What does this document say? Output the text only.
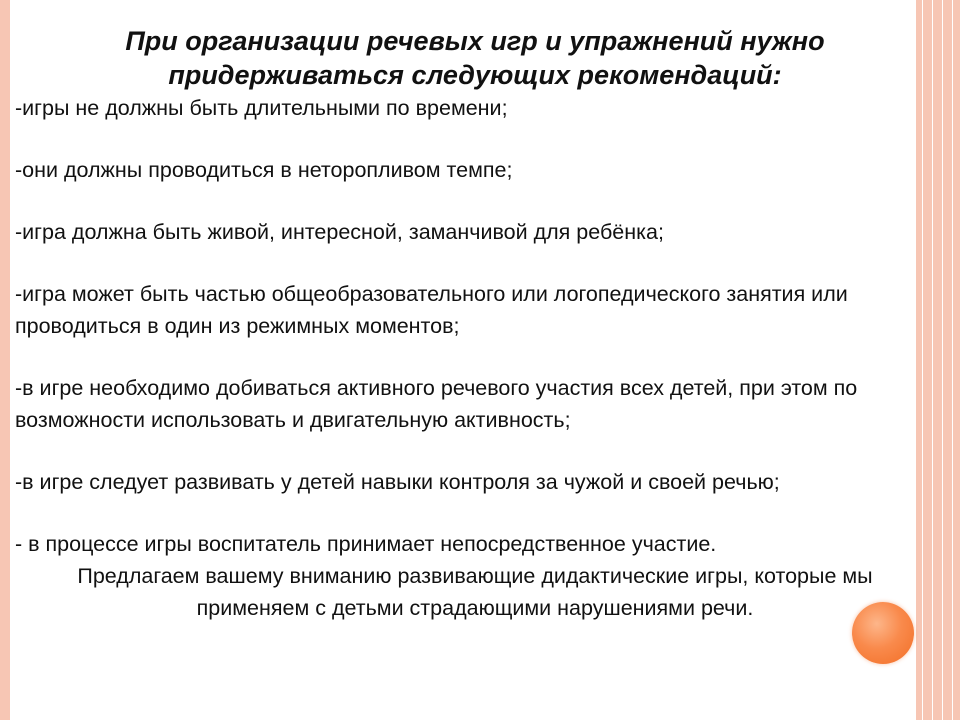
При организации речевых игр и упражнений нужно придерживаться следующих рекомендаций:

-игры не должны быть длительными по времени;

-они должны проводиться в неторопливом темпе;

-игра должна быть живой, интересной, заманчивой для ребёнка;

-игра может быть частью общеобразовательного или логопедического занятия или проводиться в один из режимных моментов;

-в игре необходимо добиваться активного речевого участия всех детей, при этом по возможности использовать и двигательную активность;

-в игре следует развивать у детей навыки контроля за чужой и своей речью;

- в процессе игры воспитатель принимает непосредственное участие.

Предлагаем вашему вниманию развивающие дидактические игры, которые мы применяем с детьми страдающими нарушениями речи.
